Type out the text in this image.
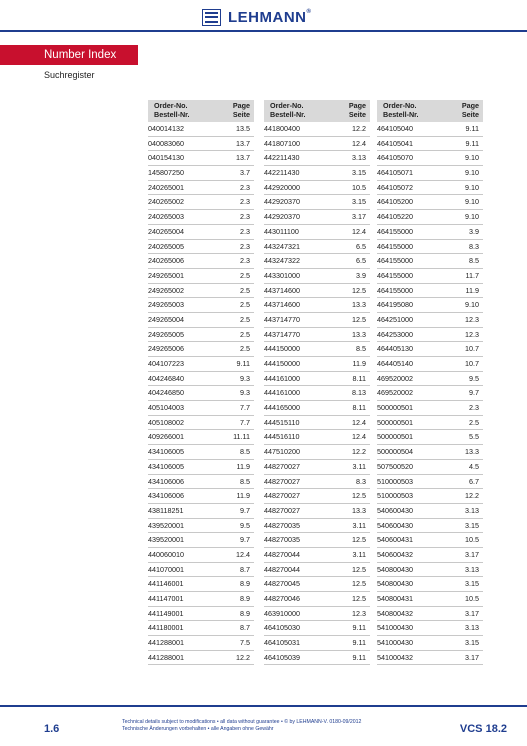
LEHMANN®
Number Index
Suchregister
Order-No.
Bestell-Nr.
Page
Seite
040014132	13.5
040083060	13.7
040154130	13.7
145807250	3.7
240265001	2.3
240265002	2.3
240265003	2.3
240265004	2.3
240265005	2.3
240265006	2.3
249265001	2.5
249265002	2.5
249265003	2.5
249265004	2.5
249265005	2.5
249265006	2.5
404107223	9.11
404246840	9.3
404246850	9.3
405104003	7.7
405108002	7.7
409266001	11.11
434106005	8.5
434106005	11.9
434106006	8.5
434106006	11.9
438118251	9.7
439520001	9.5
439520001	9.7
440060010	12.4
441070001	8.7
441146001	8.9
441147001	8.9
441149001	8.9
441180001	8.7
441288001	7.5
441288001	12.2
Order-No.
Bestell-Nr.
Page
Seite
441800400	12.2
441807100	12.4
442211430	3.13
442211430	3.15
442920000	10.5
442920370	3.15
442920370	3.17
443011100	12.4
443247321	6.5
443247322	6.5
443301000	3.9
443714600	12.5
443714600	13.3
443714770	12.5
443714770	13.3
444150000	8.5
444150000	11.9
444161000	8.11
444161000	8.13
444165000	8.11
444515110	12.4
444516110	12.4
447510200	12.2
448270027	3.11
448270027	8.3
448270027	12.5
448270027	13.3
448270035	3.11
448270035	12.5
448270044	3.11
448270044	12.5
448270045	12.5
448270046	12.5
463910000	12.3
464105030	9.11
464105031	9.11
464105039	9.11
Order-No.
Bestell-Nr.
Page
Seite
464105040	9.11
464105041	9.11
464105070	9.10
464105071	9.10
464105072	9.10
464105200	9.10
464105220	9.10
464155000	3.9
464155000	8.3
464155000	8.5
464155000	11.7
464155000	11.9
464195080	9.10
464251000	12.3
464253000	12.3
464405130	10.7
464405140	10.7
469520002	9.5
469520002	9.7
500000501	2.3
500000501	2.5
500000501	5.5
500000504	13.3
507500520	4.5
510000503	6.7
510000503	12.2
540600430	3.13
540600430	3.15
540600431	10.5
540600432	3.17
540800430	3.13
540800430	3.15
540800431	10.5
540800432	3.17
541000430	3.13
541000430	3.15
541000432	3.17
1.6
Technical details subject to modifications • all data without guarantee • © by LEHMANN-V. 0180-09/2012
Technische Änderungen vorbehalten • alle Angaben ohne Gewähr	VCS 18.2
